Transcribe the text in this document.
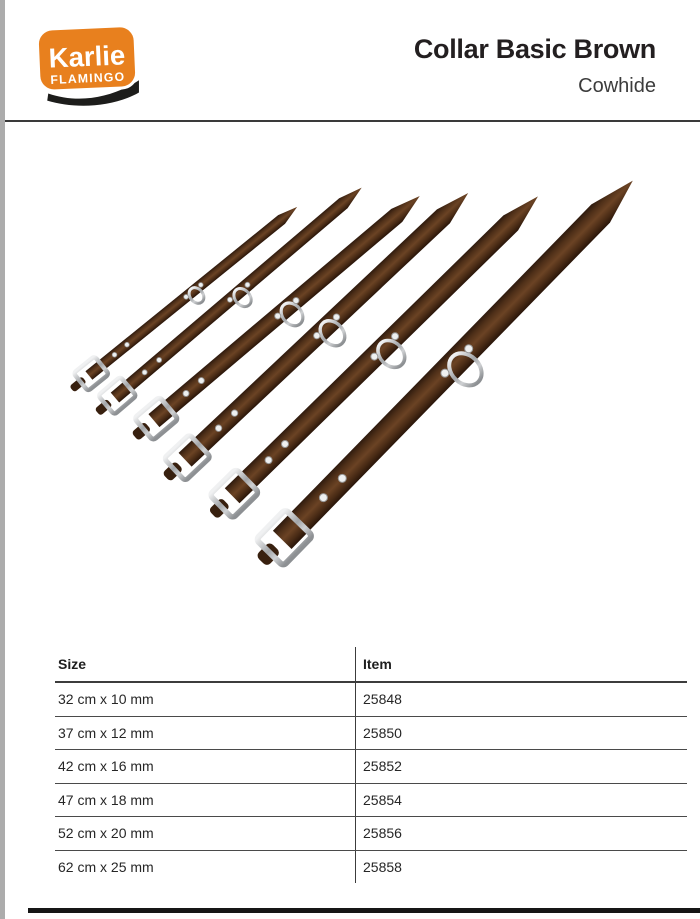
Karlie
FLAMINGO
Collar Basic Brown

Cowhide

Size	Item
32 cm x 10 mm	25848
37 cm x 12 mm	25850
42 cm x 16 mm	25852
47 cm x 18 mm	25854
52 cm x 20 mm	25856
62 cm x 25 mm	25858
